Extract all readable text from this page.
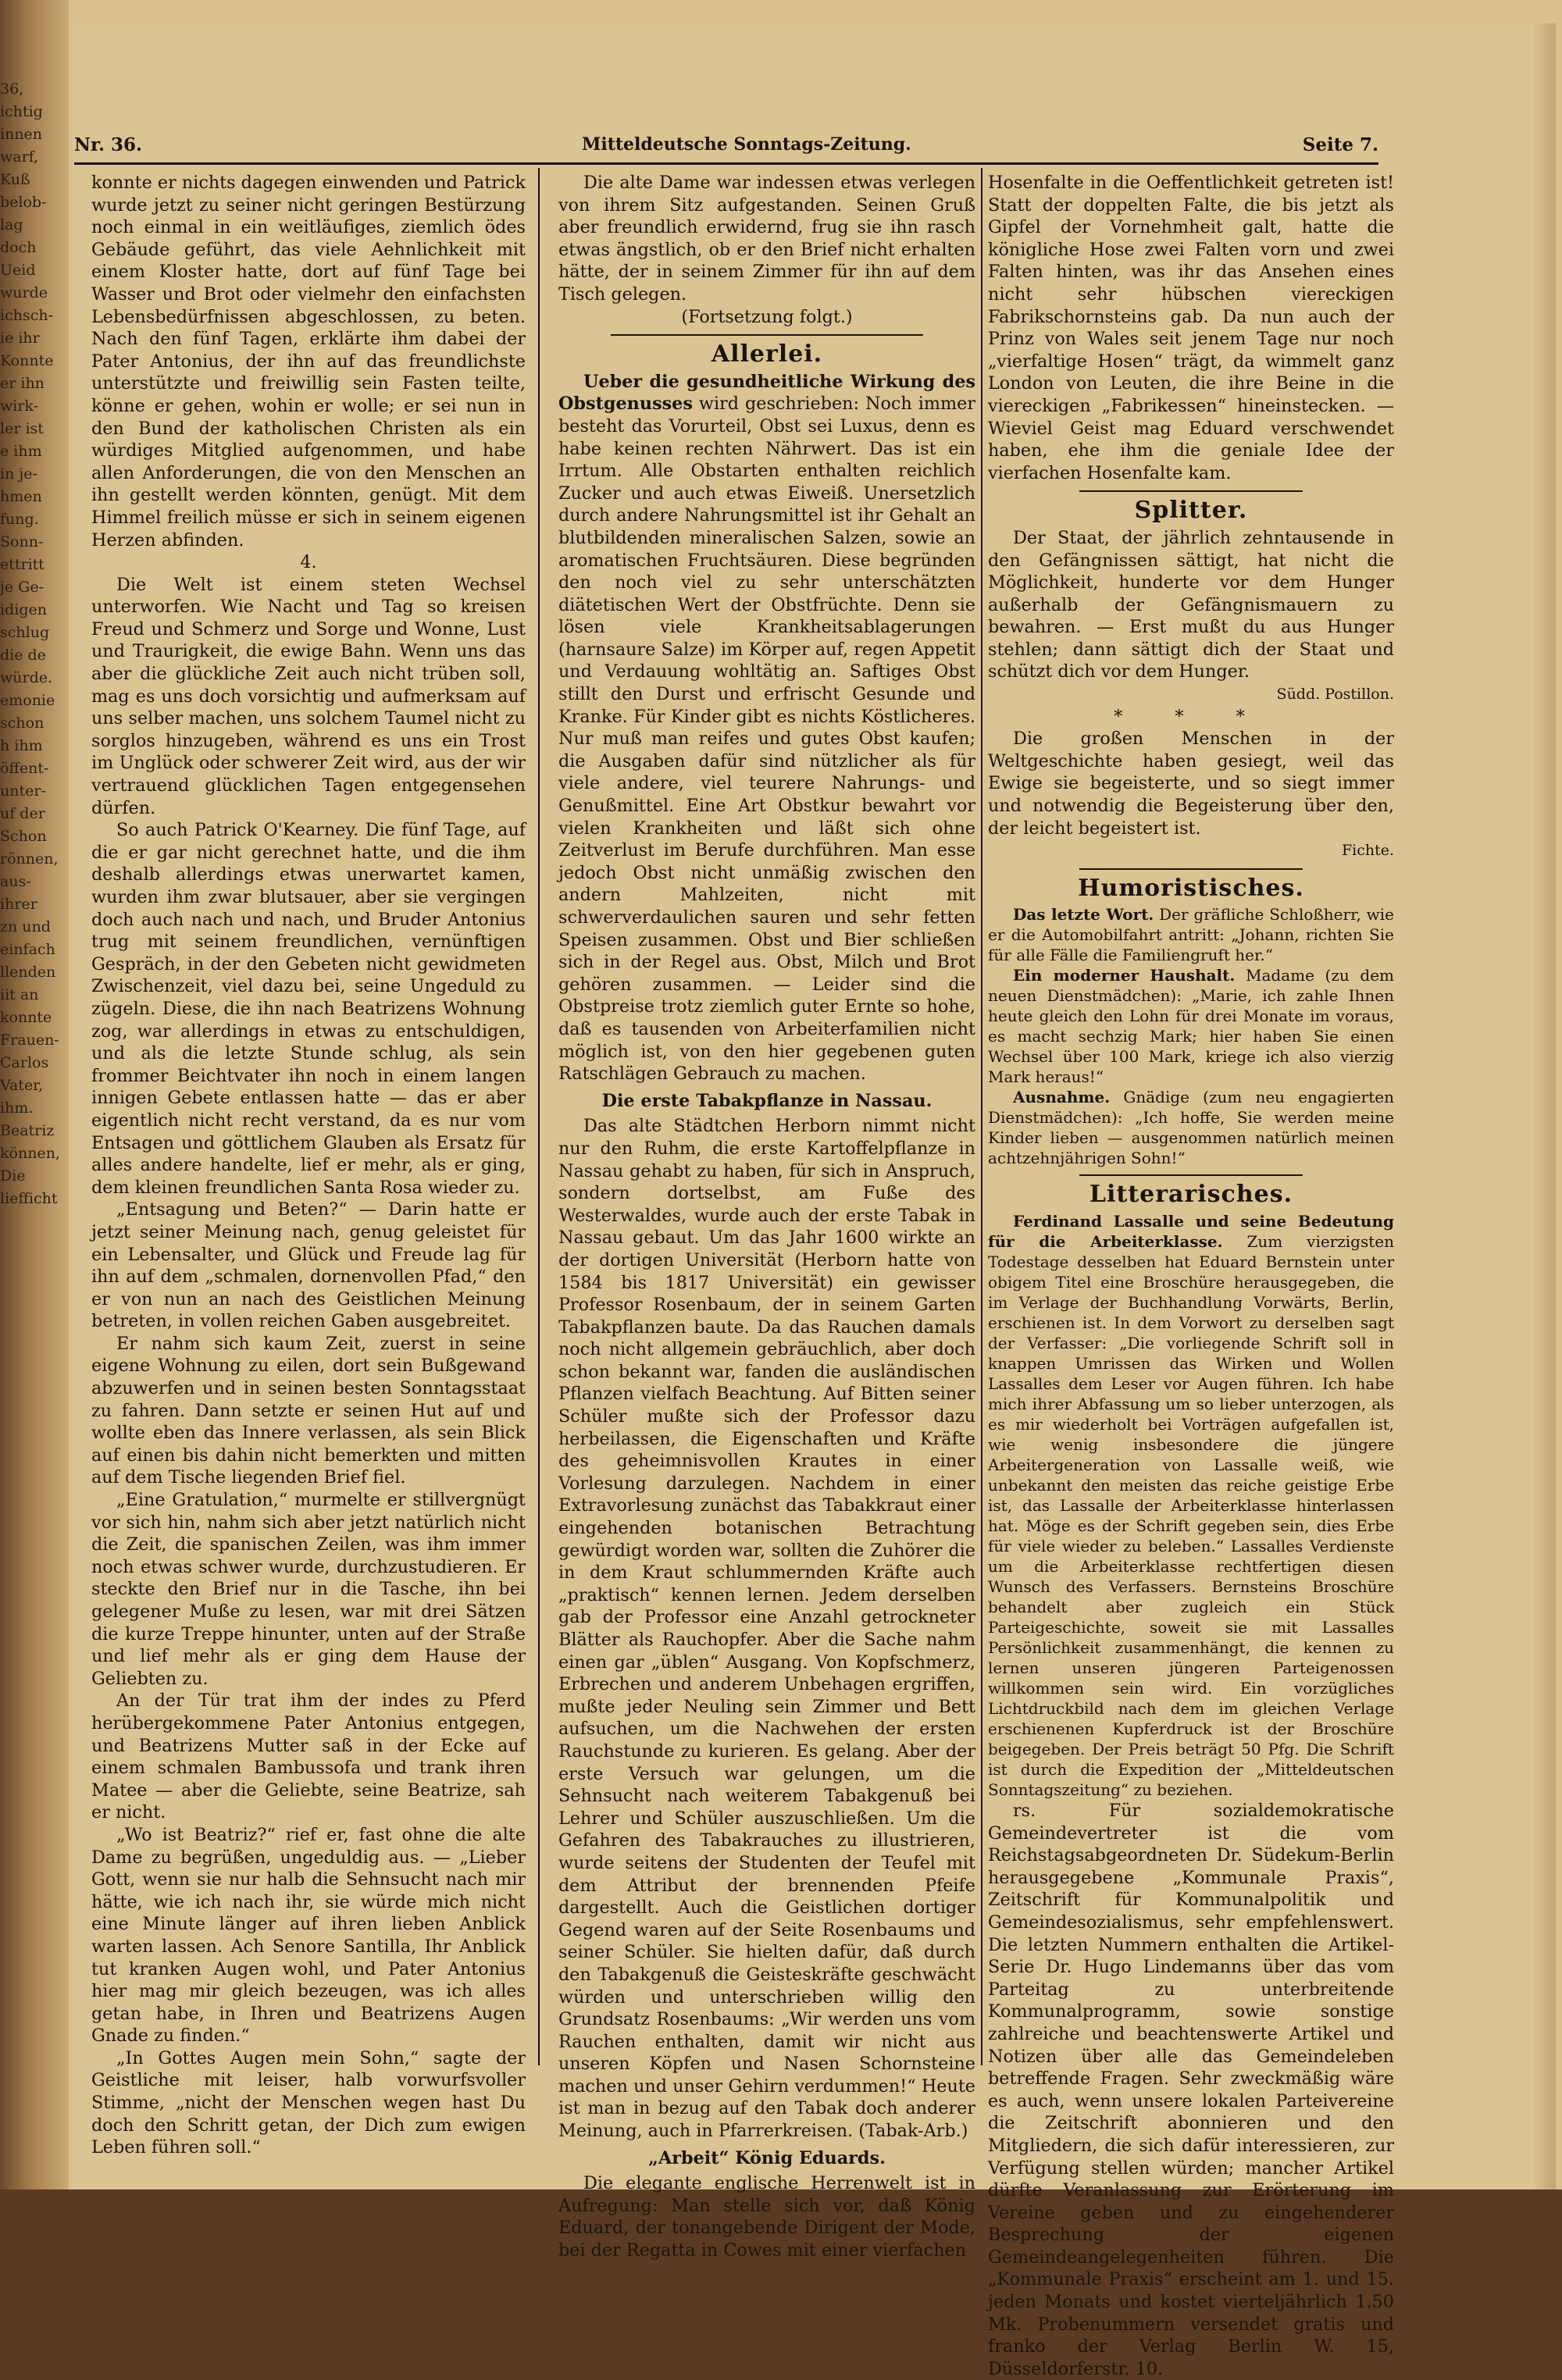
36,
ichtig
innen
warf,
Kuß
belob-
lag
doch
Ueid
wurde
ichsch-
ie ihr
Konnte
er ihn
wirk-
ler ist
e ihm
in je-
hmen
fung.
Sonn-
ettritt
je Ge-
idigen
schlug
die de
würde.
emonie
schon
h ihm
öffent-
unter-
uf der
Schon
rönnen,
aus-
ihrer
zn und
einfach
llenden
iit an
konnte
Frauen-
Carlos
Vater,
ihm.
Beatriz
können,
Die
liefficht
Nr. 36.	Mitteldeutsche Sonntags-Zeitung.	Seite 7.

konnte er nichts dagegen einwenden und Patrick wurde jetzt zu seiner nicht geringen Bestürzung noch einmal in ein weitläufiges, ziemlich ödes Gebäude geführt, das viele Aehnlichkeit mit einem Kloster hatte, dort auf fünf Tage bei Wasser und Brot oder vielmehr den einfachsten Lebensbedürfnissen abgeschlossen, zu beten. Nach den fünf Tagen, erklärte ihm dabei der Pater Antonius, der ihn auf das freundlichste unterstützte und freiwillig sein Fasten teilte, könne er gehen, wohin er wolle; er sei nun in den Bund der katholischen Christen als ein würdiges Mitglied aufgenommen, und habe allen Anforderungen, die von den Menschen an ihn gestellt werden könnten, genügt. Mit dem Himmel freilich müsse er sich in seinem eigenen Herzen abfinden.

4.

Die Welt ist einem steten Wechsel unterworfen. Wie Nacht und Tag so kreisen Freud und Schmerz und Sorge und Wonne, Lust und Traurigkeit, die ewige Bahn. Wenn uns das aber die glückliche Zeit auch nicht trüben soll, mag es uns doch vorsichtig und aufmerksam auf uns selber machen, uns solchem Taumel nicht zu sorglos hinzugeben, während es uns ein Trost im Unglück oder schwerer Zeit wird, aus der wir vertrauend glücklichen Tagen entgegensehen dürfen.

So auch Patrick O'Kearney. Die fünf Tage, auf die er gar nicht gerechnet hatte, und die ihm deshalb allerdings etwas unerwartet kamen, wurden ihm zwar blutsauer, aber sie vergingen doch auch nach und nach, und Bruder Antonius trug mit seinem freundlichen, vernünftigen Gespräch, in der den Gebeten nicht gewidmeten Zwischenzeit, viel dazu bei, seine Ungeduld zu zügeln. Diese, die ihn nach Beatrizens Wohnung zog, war allerdings in etwas zu entschuldigen, und als die letzte Stunde schlug, als sein frommer Beichtvater ihn noch in einem langen innigen Gebete entlassen hatte — das er aber eigentlich nicht recht verstand, da es nur vom Entsagen und göttlichem Glauben als Ersatz für alles andere handelte, lief er mehr, als er ging, dem kleinen freundlichen Santa Rosa wieder zu.

„Entsagung und Beten?“ — Darin hatte er jetzt seiner Meinung nach, genug geleistet für ein Lebensalter, und Glück und Freude lag für ihn auf dem „schmalen, dornenvollen Pfad,“ den er von nun an nach des Geistlichen Meinung betreten, in vollen reichen Gaben ausgebreitet.

Er nahm sich kaum Zeit, zuerst in seine eigene Wohnung zu eilen, dort sein Bußgewand abzuwerfen und in seinen besten Sonntagsstaat zu fahren. Dann setzte er seinen Hut auf und wollte eben das Innere verlassen, als sein Blick auf einen bis dahin nicht bemerkten und mitten auf dem Tische liegenden Brief fiel.

„Eine Gratulation,“ murmelte er stillvergnügt vor sich hin, nahm sich aber jetzt natürlich nicht die Zeit, die spanischen Zeilen, was ihm immer noch etwas schwer wurde, durchzustudieren. Er steckte den Brief nur in die Tasche, ihn bei gelegener Muße zu lesen, war mit drei Sätzen die kurze Treppe hinunter, unten auf der Straße und lief mehr als er ging dem Hause der Geliebten zu.

An der Tür trat ihm der indes zu Pferd herübergekommene Pater Antonius entgegen, und Beatrizens Mutter saß in der Ecke auf einem schmalen Bambussofa und trank ihren Matee — aber die Geliebte, seine Beatrize, sah er nicht.

„Wo ist Beatriz?“ rief er, fast ohne die alte Dame zu begrüßen, ungeduldig aus. — „Lieber Gott, wenn sie nur halb die Sehnsucht nach mir hätte, wie ich nach ihr, sie würde mich nicht eine Minute länger auf ihren lieben Anblick warten lassen. Ach Senore Santilla, Ihr Anblick tut kranken Augen wohl, und Pater Antonius hier mag mir gleich bezeugen, was ich alles getan habe, in Ihren und Beatrizens Augen Gnade zu finden.“

„In Gottes Augen mein Sohn,“ sagte der Geistliche mit leiser, halb vorwurfsvoller Stimme, „nicht der Menschen wegen hast Du doch den Schritt getan, der Dich zum ewigen Leben führen soll.“

Die alte Dame war indessen etwas verlegen von ihrem Sitz aufgestanden. Seinen Gruß aber freundlich erwidernd, frug sie ihn rasch etwas ängstlich, ob er den Brief nicht erhalten hätte, der in seinem Zimmer für ihn auf dem Tisch gelegen.

(Fortsetzung folgt.)

Allerlei.

Ueber die gesundheitliche Wirkung des Obstgenusses wird geschrieben: Noch immer besteht das Vorurteil, Obst sei Luxus, denn es habe keinen rechten Nährwert. Das ist ein Irrtum. Alle Obstarten enthalten reichlich Zucker und auch etwas Eiweiß. Unersetzlich durch andere Nahrungsmittel ist ihr Gehalt an blutbildenden mineralischen Salzen, sowie an aromatischen Fruchtsäuren. Diese begründen den noch viel zu sehr unterschätzten diätetischen Wert der Obstfrüchte. Denn sie lösen viele Krankheitsablagerungen (harnsaure Salze) im Körper auf, regen Appetit und Verdauung wohltätig an. Saftiges Obst stillt den Durst und erfrischt Gesunde und Kranke. Für Kinder gibt es nichts Köstlicheres. Nur muß man reifes und gutes Obst kaufen; die Ausgaben dafür sind nützlicher als für viele andere, viel teurere Nahrungs- und Genußmittel. Eine Art Obstkur bewahrt vor vielen Krankheiten und läßt sich ohne Zeitverlust im Berufe durchführen. Man esse jedoch Obst nicht unmäßig zwischen den andern Mahlzeiten, nicht mit schwerverdaulichen sauren und sehr fetten Speisen zusammen. Obst und Bier schließen sich in der Regel aus. Obst, Milch und Brot gehören zusammen. — Leider sind die Obstpreise trotz ziemlich guter Ernte so hohe, daß es tausenden von Arbeiterfamilien nicht möglich ist, von den hier gegebenen guten Ratschlägen Gebrauch zu machen.

Die erste Tabakpflanze in Nassau.

Das alte Städtchen Herborn nimmt nicht nur den Ruhm, die erste Kartoffelpflanze in Nassau gehabt zu haben, für sich in Anspruch, sondern dortselbst, am Fuße des Westerwaldes, wurde auch der erste Tabak in Nassau gebaut. Um das Jahr 1600 wirkte an der dortigen Universität (Herborn hatte von 1584 bis 1817 Universität) ein gewisser Professor Rosenbaum, der in seinem Garten Tabakpflanzen baute. Da das Rauchen damals noch nicht allgemein gebräuchlich, aber doch schon bekannt war, fanden die ausländischen Pflanzen vielfach Beachtung. Auf Bitten seiner Schüler mußte sich der Professor dazu herbeilassen, die Eigenschaften und Kräfte des geheimnisvollen Krautes in einer Vorlesung darzulegen. Nachdem in einer Extravorlesung zunächst das Tabakkraut einer eingehenden botanischen Betrachtung gewürdigt worden war, sollten die Zuhörer die in dem Kraut schlummernden Kräfte auch „praktisch“ kennen lernen. Jedem derselben gab der Professor eine Anzahl getrockneter Blätter als Rauchopfer. Aber die Sache nahm einen gar „üblen“ Ausgang. Von Kopfschmerz, Erbrechen und anderem Unbehagen ergriffen, mußte jeder Neuling sein Zimmer und Bett aufsuchen, um die Nachwehen der ersten Rauchstunde zu kurieren. Es gelang. Aber der erste Versuch war gelungen, um die Sehnsucht nach weiterem Tabakgenuß bei Lehrer und Schüler auszuschließen. Um die Gefahren des Tabakrauches zu illustrieren, wurde seitens der Studenten der Teufel mit dem Attribut der brennenden Pfeife dargestellt. Auch die Geistlichen dortiger Gegend waren auf der Seite Rosenbaums und seiner Schüler. Sie hielten dafür, daß durch den Tabakgenuß die Geisteskräfte geschwächt würden und unterschrieben willig den Grundsatz Rosenbaums: „Wir werden uns vom Rauchen enthalten, damit wir nicht aus unseren Köpfen und Nasen Schornsteine machen und unser Gehirn verdummen!“ Heute ist man in bezug auf den Tabak doch anderer Meinung, auch in Pfarrerkreisen. (Tabak-Arb.)

„Arbeit“ König Eduards.

Die elegante englische Herrenwelt ist in Aufregung: Man stelle sich vor, daß König Eduard, der tonangebende Dirigent der Mode, bei der Regatta in Cowes mit einer vierfachen

Hosenfalte in die Oeffentlichkeit getreten ist! Statt der doppelten Falte, die bis jetzt als Gipfel der Vornehmheit galt, hatte die königliche Hose zwei Falten vorn und zwei Falten hinten, was ihr das Ansehen eines nicht sehr hübschen viereckigen Fabrikschornsteins gab. Da nun auch der Prinz von Wales seit jenem Tage nur noch „vierfaltige Hosen“ trägt, da wimmelt ganz London von Leuten, die ihre Beine in die viereckigen „Fabrikessen“ hineinstecken. — Wieviel Geist mag Eduard verschwendet haben, ehe ihm die geniale Idee der vierfachen Hosenfalte kam.

Splitter.

Der Staat, der jährlich zehntausende in den Gefängnissen sättigt, hat nicht die Möglichkeit, hunderte vor dem Hunger außerhalb der Gefängnismauern zu bewahren. — Erst mußt du aus Hunger stehlen; dann sättigt dich der Staat und schützt dich vor dem Hunger.

Südd. Postillon.

* * *

Die großen Menschen in der Weltgeschichte haben gesiegt, weil das Ewige sie begeisterte, und so siegt immer und notwendig die Begeisterung über den, der leicht begeistert ist.

Fichte.

Humoristisches.

Das letzte Wort. Der gräfliche Schloßherr, wie er die Automobilfahrt antritt: „Johann, richten Sie für alle Fälle die Familiengruft her.“

Ein moderner Haushalt. Madame (zu dem neuen Dienstmädchen): „Marie, ich zahle Ihnen heute gleich den Lohn für drei Monate im voraus, es macht sechzig Mark; hier haben Sie einen Wechsel über 100 Mark, kriege ich also vierzig Mark heraus!“

Ausnahme. Gnädige (zum neu engagierten Dienstmädchen): „Ich hoffe, Sie werden meine Kinder lieben — ausgenommen natürlich meinen achtzehnjährigen Sohn!“

Litterarisches.

Ferdinand Lassalle und seine Bedeutung für die Arbeiterklasse. Zum vierzigsten Todestage desselben hat Eduard Bernstein unter obigem Titel eine Broschüre herausgegeben, die im Verlage der Buchhandlung Vorwärts, Berlin, erschienen ist. In dem Vorwort zu derselben sagt der Verfasser: „Die vorliegende Schrift soll in knappen Umrissen das Wirken und Wollen Lassalles dem Leser vor Augen führen. Ich habe mich ihrer Abfassung um so lieber unterzogen, als es mir wiederholt bei Vorträgen aufgefallen ist, wie wenig insbesondere die jüngere Arbeitergeneration von Lassalle weiß, wie unbekannt den meisten das reiche geistige Erbe ist, das Lassalle der Arbeiterklasse hinterlassen hat. Möge es der Schrift gegeben sein, dies Erbe für viele wieder zu beleben.“ Lassalles Verdienste um die Arbeiterklasse rechtfertigen diesen Wunsch des Verfassers. Bernsteins Broschüre behandelt aber zugleich ein Stück Parteigeschichte, soweit sie mit Lassalles Persönlichkeit zusammenhängt, die kennen zu lernen unseren jüngeren Parteigenossen willkommen sein wird. Ein vorzügliches Lichtdruckbild nach dem im gleichen Verlage erschienenen Kupferdruck ist der Broschüre beigegeben. Der Preis beträgt 50 Pfg. Die Schrift ist durch die Expedition der „Mitteldeutschen Sonntagszeitung“ zu beziehen.

rs. Für sozialdemokratische Gemeindevertreter ist die vom Reichstagsabgeordneten Dr. Südekum-Berlin herausgegebene „Kommunale Praxis“, Zeitschrift für Kommunalpolitik und Gemeindesozialismus, sehr empfehlenswert. Die letzten Nummern enthalten die Artikel-Serie Dr. Hugo Lindemanns über das vom Parteitag zu unterbreitende Kommunalprogramm, sowie sonstige zahlreiche und beachtenswerte Artikel und Notizen über alle das Gemeindeleben betreffende Fragen. Sehr zweckmäßig wäre es auch, wenn unsere lokalen Parteivereine die Zeitschrift abonnieren und den Mitgliedern, die sich dafür interessieren, zur Verfügung stellen würden; mancher Artikel dürfte Veranlassung zur Erörterung im Vereine geben und zu eingehenderer Besprechung der eigenen Gemeindeangelegenheiten führen. Die „Kommunale Praxis“ erscheint am 1. und 15. jeden Monats und kostet vierteljährlich 1.50 Mk. Probenummern versendet gratis und franko der Verlag Berlin W. 15, Düsseldorferstr. 10.
